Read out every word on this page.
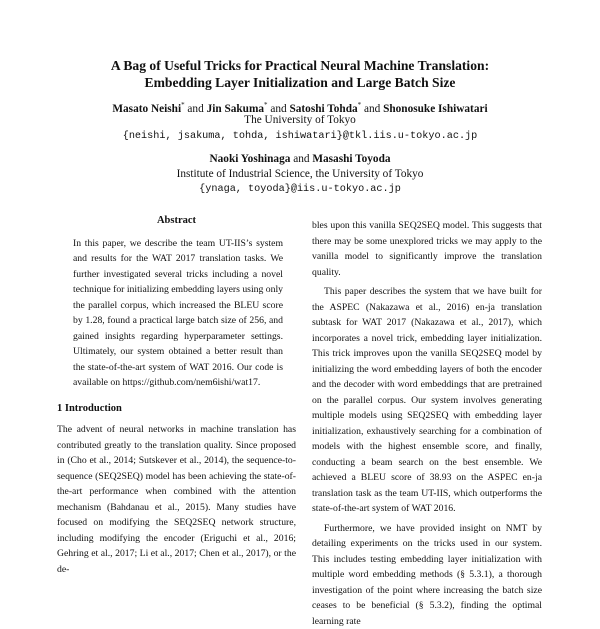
A Bag of Useful Tricks for Practical Neural Machine Translation:
Embedding Layer Initialization and Large Batch Size
Masato Neishi* and Jin Sakuma* and Satoshi Tohda* and Shonosuke Ishiwatari
The University of Tokyo
{neishi, jsakuma, tohda, ishiwatari}@tkl.iis.u-tokyo.ac.jp
Naoki Yoshinaga and Masashi Toyoda
Institute of Industrial Science, the University of Tokyo
{ynaga, toyoda}@iis.u-tokyo.ac.jp
Abstract

In this paper, we describe the team UT-IIS’s system and results for the WAT 2017 translation tasks. We further investigated several tricks including a novel technique for initializing embedding layers using only the parallel corpus, which increased the BLEU score by 1.28, found a practical large batch size of 256, and gained insights regarding hyperparameter settings. Ultimately, our system obtained a better result than the state-of-the-art system of WAT 2016. Our code is available on https://github.com/nem6ishi/wat17.

1 Introduction

The advent of neural networks in machine translation has contributed greatly to the translation quality. Since proposed in (Cho et al., 2014; Sutskever et al., 2014), the sequence-to-sequence (SEQ2SEQ) model has been achieving the state-of-the-art performance when combined with the attention mechanism (Bahdanau et al., 2015). Many studies have focused on modifying the SEQ2SEQ network structure, including modifying the encoder (Eriguchi et al., 2016; Gehring et al., 2017; Li et al., 2017; Chen et al., 2017), or the de-

bles upon this vanilla SEQ2SEQ model. This suggests that there may be some unexplored tricks we may apply to the vanilla model to significantly improve the translation quality.

This paper describes the system that we have built for the ASPEC (Nakazawa et al., 2016) en-ja translation subtask for WAT 2017 (Nakazawa et al., 2017), which incorporates a novel trick, embedding layer initialization. This trick improves upon the vanilla SEQ2SEQ model by initializing the word embedding layers of both the encoder and the decoder with word embeddings that are pretrained on the parallel corpus. Our system involves generating multiple models using SEQ2SEQ with embedding layer initialization, exhaustively searching for a combination of models with the highest ensemble score, and finally, conducting a beam search on the best ensemble. We achieved a BLEU score of 38.93 on the ASPEC en-ja translation task as the team UT-IIS, which outperforms the state-of-the-art system of WAT 2016.

Furthermore, we have provided insight on NMT by detailing experiments on the tricks used in our system. This includes testing embedding layer initialization with multiple word embedding methods (§ 5.3.1), a thorough investigation of the point where increasing the batch size ceases to be beneficial (§ 5.3.2), finding the optimal learning rate
